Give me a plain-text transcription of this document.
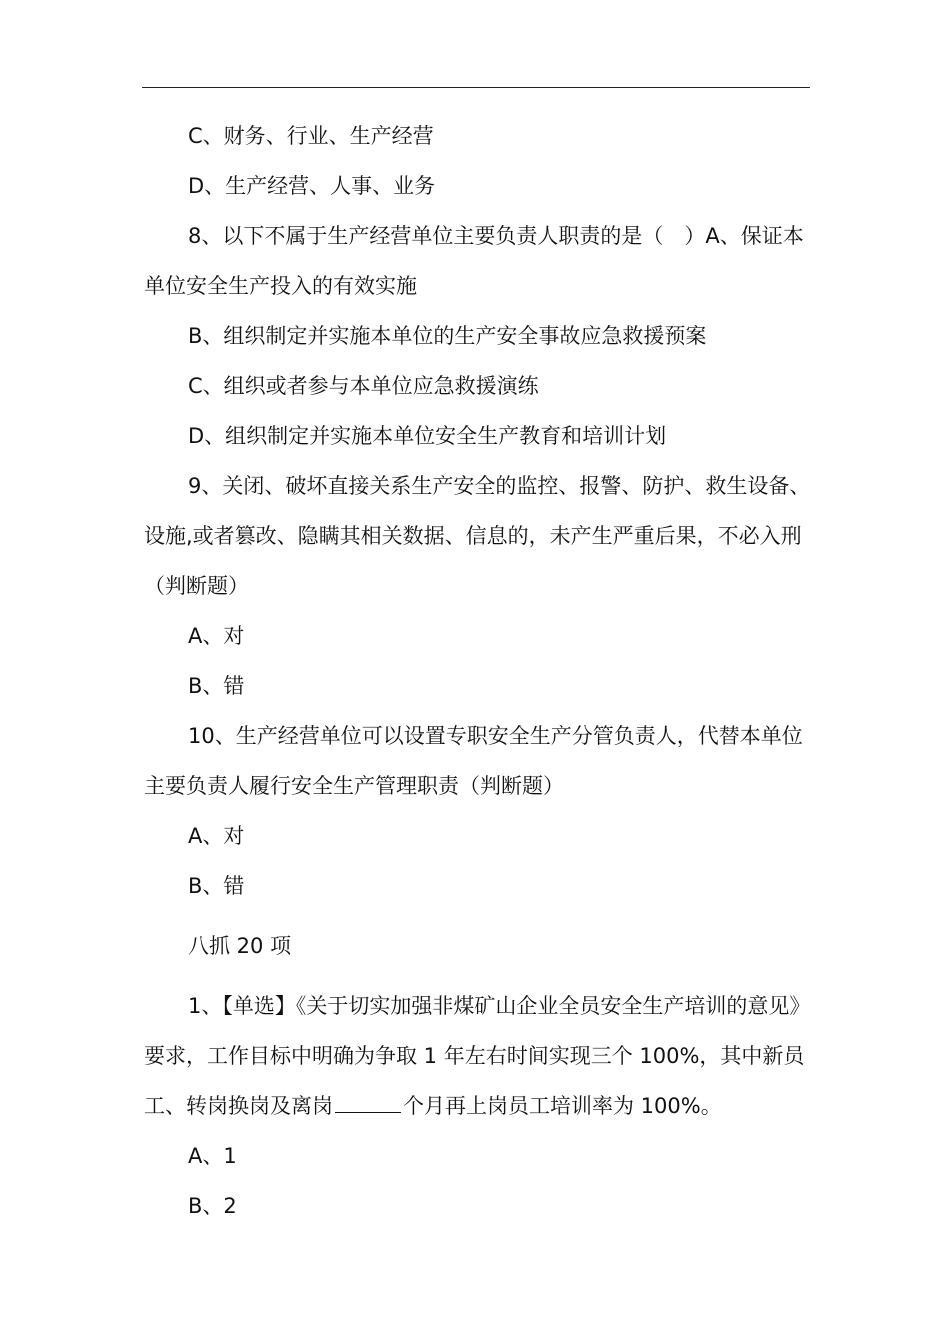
C、财务、行业、生产经营

D、生产经营、人事、业务

8、以下不属于生产经营单位主要负责人职责的是（　）A、保证本单位安全生产投入的有效实施

B、组织制定并实施本单位的生产安全事故应急救援预案

C、组织或者参与本单位应急救援演练

D、组织制定并实施本单位安全生产教育和培训计划

9、关闭、破坏直接关系生产安全的监控、报警、防护、救生设备、设施,或者篡改、隐瞒其相关数据、信息的，未产生严重后果，不必入刑（判断题）

A、对

B、错

10、生产经营单位可以设置专职安全生产分管负责人，代替本单位主要负责人履行安全生产管理职责（判断题）

A、对

B、错

八抓 20 项

1、【单选】《关于切实加强非煤矿山企业全员安全生产培训的意见》要求，工作目标中明确为争取 1 年左右时间实现三个 100%，其中新员工、转岗换岗及离岗	个月再上岗员工培训率为 100%。

A、1

B、2
